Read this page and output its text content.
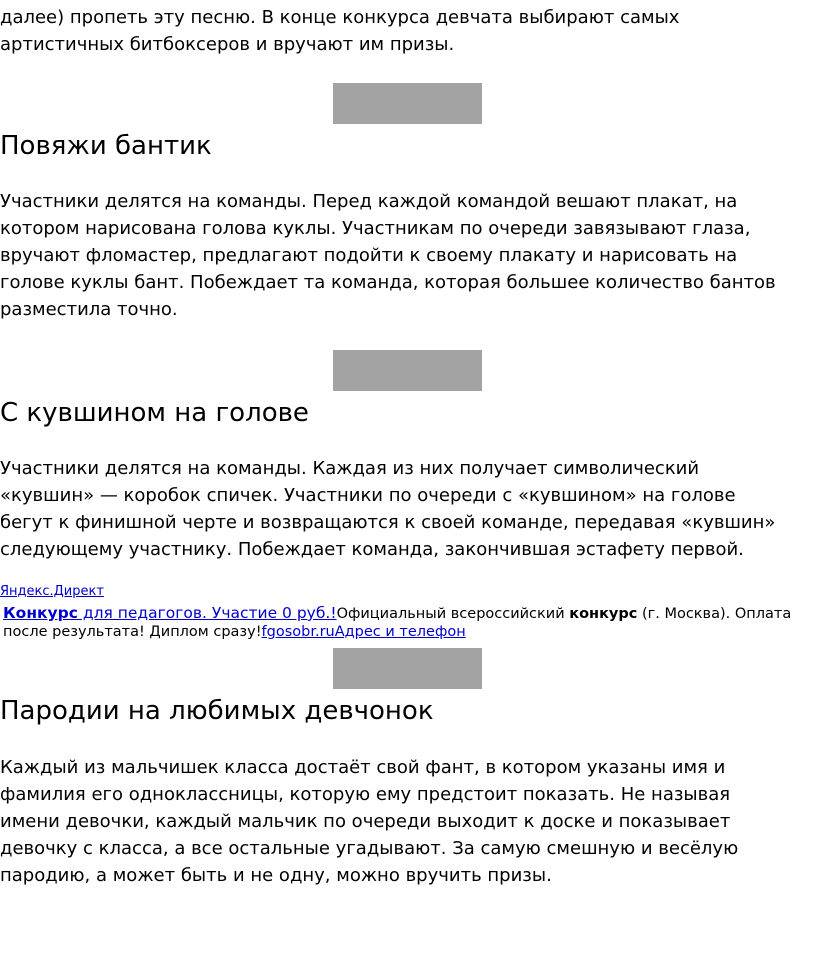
далее) пропеть эту песню. В конце конкурса девчата выбирают самых
артистичных битбоксеров и вручают им призы.

Повяжи бантик

Участники делятся на команды. Перед каждой командой вешают плакат, на
котором нарисована голова куклы. Участникам по очереди завязывают глаза,
вручают фломастер, предлагают подойти к своему плакату и нарисовать на
голове куклы бант. Побеждает та команда, которая большее количество бантов
разместила точно.

С кувшином на голове

Участники делятся на команды. Каждая из них получает символический
«кувшин» — коробок спичек. Участники по очереди с «кувшином» на голове
бегут к финишной черте и возвращаются к своей команде, передавая «кувшин»
следующему участнику. Побеждает команда, закончившая эстафету первой.

Яндекс.Директ
Конкурс для педагогов. Участие 0 руб.!Официальный всероссийский конкурс (г. Москва). Оплата
после результата! Диплом сразу!fgosobr.ruАдрес и телефон
Пародии на любимых девчонок

Каждый из мальчишек класса достаёт свой фант, в котором указаны имя и
фамилия его одноклассницы, которую ему предстоит показать. Не называя
имени девочки, каждый мальчик по очереди выходит к доске и показывает
девочку с класса, а все остальные угадывают. За самую смешную и весёлую
пародию, а может быть и не одну, можно вручить призы.
